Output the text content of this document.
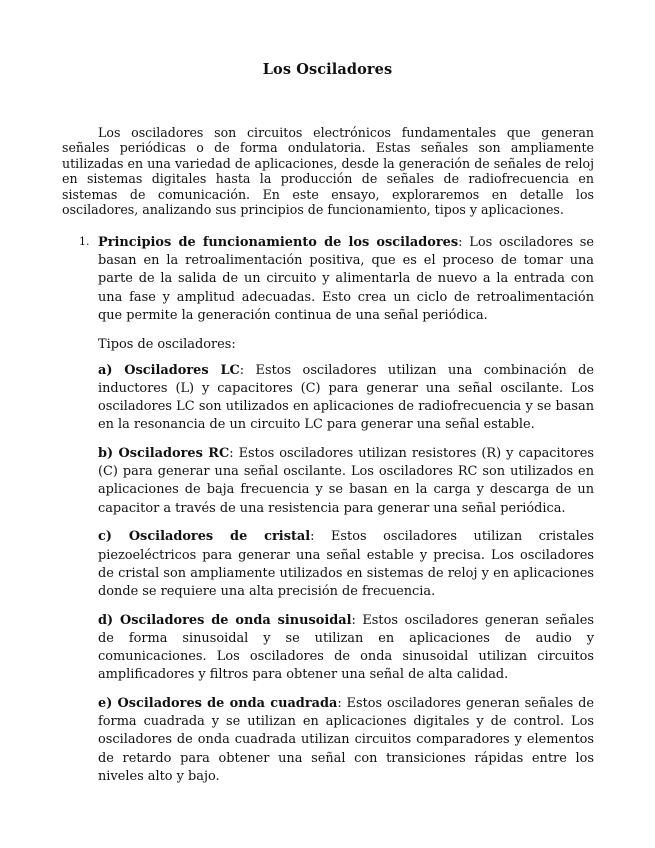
Los Osciladores

Los osciladores son circuitos electrónicos fundamentales que generan señales periódicas o de forma ondulatoria. Estas señales son ampliamente utilizadas en una variedad de aplicaciones, desde la generación de señales de reloj en sistemas digitales hasta la producción de señales de radiofrecuencia en sistemas de comunicación. En este ensayo, exploraremos en detalle los osciladores, analizando sus principios de funcionamiento, tipos y aplicaciones.

1. Principios de funcionamiento de los osciladores: Los osciladores se basan en la retroalimentación positiva, que es el proceso de tomar una parte de la salida de un circuito y alimentarla de nuevo a la entrada con una fase y amplitud adecuadas. Esto crea un ciclo de retroalimentación que permite la generación continua de una señal periódica.

Tipos de osciladores:

a) Osciladores LC: Estos osciladores utilizan una combinación de inductores (L) y capacitores (C) para generar una señal oscilante. Los osciladores LC son utilizados en aplicaciones de radiofrecuencia y se basan en la resonancia de un circuito LC para generar una señal estable.

b) Osciladores RC: Estos osciladores utilizan resistores (R) y capacitores (C) para generar una señal oscilante. Los osciladores RC son utilizados en aplicaciones de baja frecuencia y se basan en la carga y descarga de un capacitor a través de una resistencia para generar una señal periódica.

c) Osciladores de cristal: Estos osciladores utilizan cristales piezoeléctricos para generar una señal estable y precisa. Los osciladores de cristal son ampliamente utilizados en sistemas de reloj y en aplicaciones donde se requiere una alta precisión de frecuencia.

d) Osciladores de onda sinusoidal: Estos osciladores generan señales de forma sinusoidal y se utilizan en aplicaciones de audio y comunicaciones. Los osciladores de onda sinusoidal utilizan circuitos amplificadores y filtros para obtener una señal de alta calidad.

e) Osciladores de onda cuadrada: Estos osciladores generan señales de forma cuadrada y se utilizan en aplicaciones digitales y de control. Los osciladores de onda cuadrada utilizan circuitos comparadores y elementos de retardo para obtener una señal con transiciones rápidas entre los niveles alto y bajo.
